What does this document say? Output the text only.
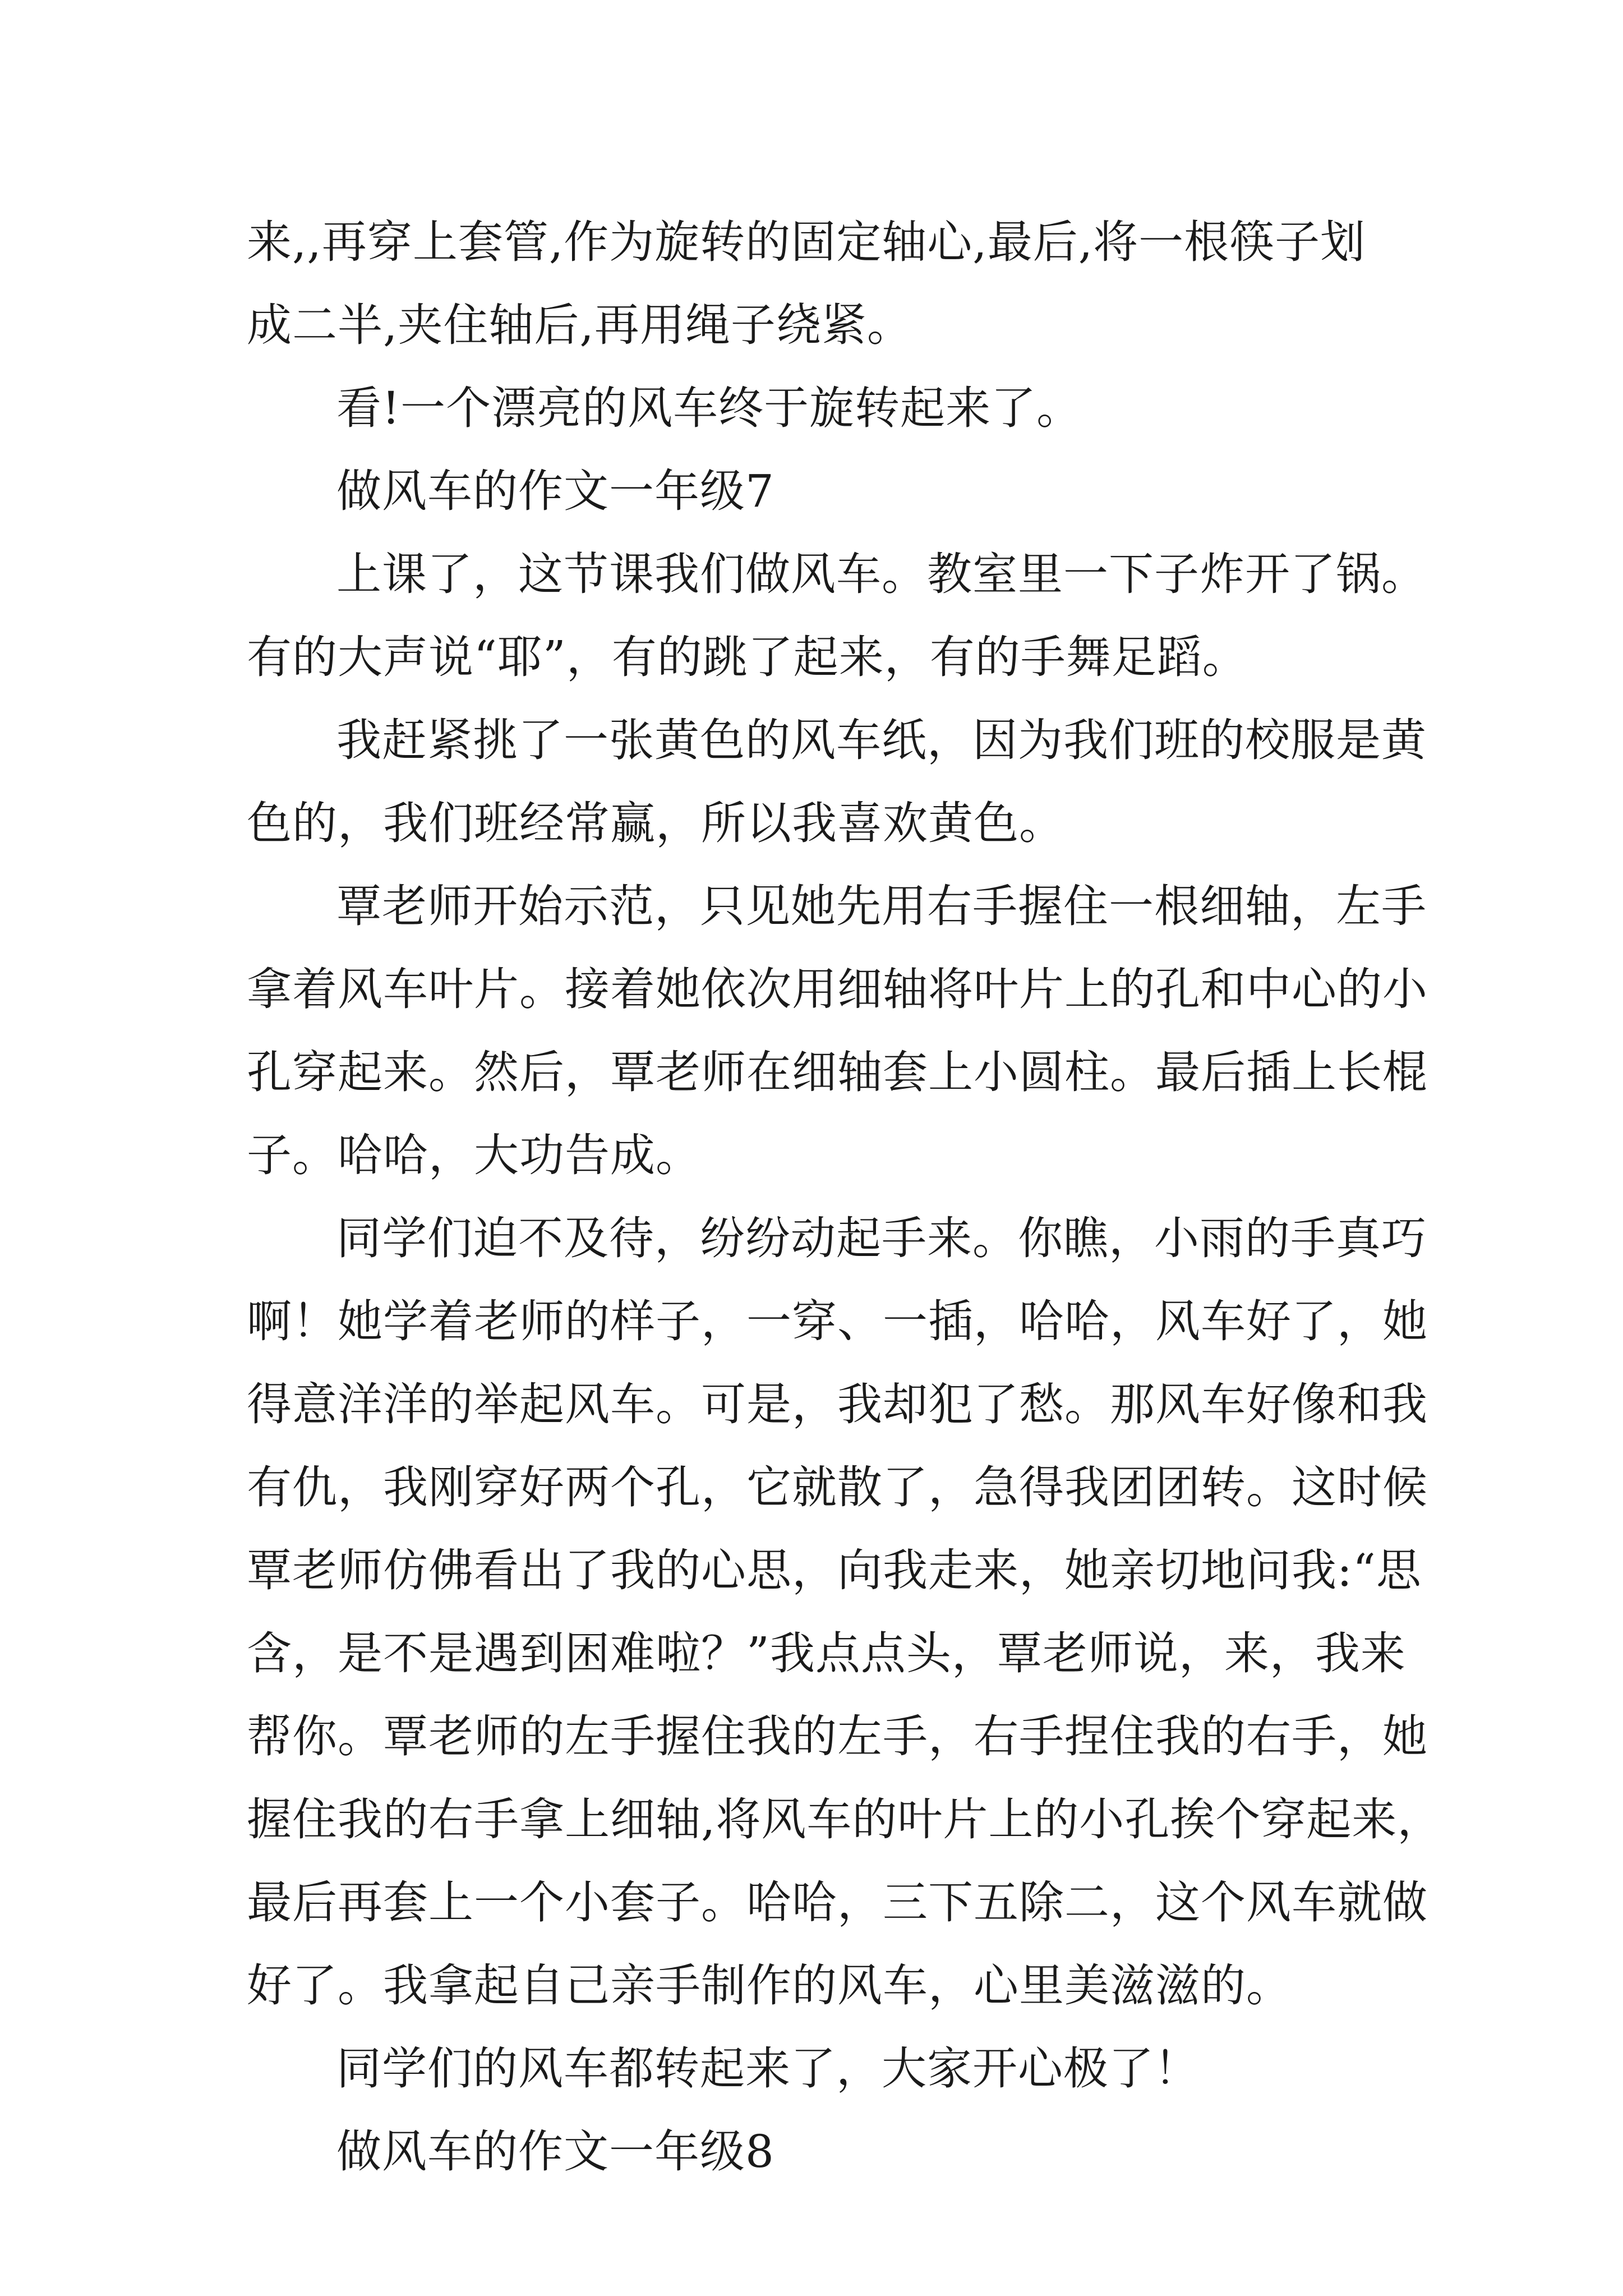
来,,再穿上套管,作为旋转的固定轴心,最后,将一根筷子划
成二半,夹住轴后,再用绳子绕紧。
看!一个漂亮的风车终于旋转起来了。
做风车的作文一年级7
上课了，这节课我们做风车。教室里一下子炸开了锅。
有的大声说“耶”，有的跳了起来，有的手舞足蹈。
我赶紧挑了一张黄色的风车纸，因为我们班的校服是黄
色的，我们班经常赢，所以我喜欢黄色。
覃老师开始示范，只见她先用右手握住一根细轴，左手
拿着风车叶片。接着她依次用细轴将叶片上的孔和中心的小
孔穿起来。然后，覃老师在细轴套上小圆柱。最后插上长棍
子。哈哈，大功告成。
同学们迫不及待，纷纷动起手来。你瞧，小雨的手真巧
啊！她学着老师的样子，一穿、一插，哈哈，风车好了，她
得意洋洋的举起风车。可是，我却犯了愁。那风车好像和我
有仇，我刚穿好两个孔，它就散了，急得我团团转。这时候
覃老师仿佛看出了我的心思，向我走来，她亲切地问我:“思
含，是不是遇到困难啦？”我点点头，覃老师说，来，我来
帮你。覃老师的左手握住我的左手，右手捏住我的右手，她
握住我的右手拿上细轴,将风车的叶片上的小孔挨个穿起来，
最后再套上一个小套子。哈哈，三下五除二，这个风车就做
好了。我拿起自己亲手制作的风车，心里美滋滋的。
同学们的风车都转起来了，大家开心极了！
做风车的作文一年级8
